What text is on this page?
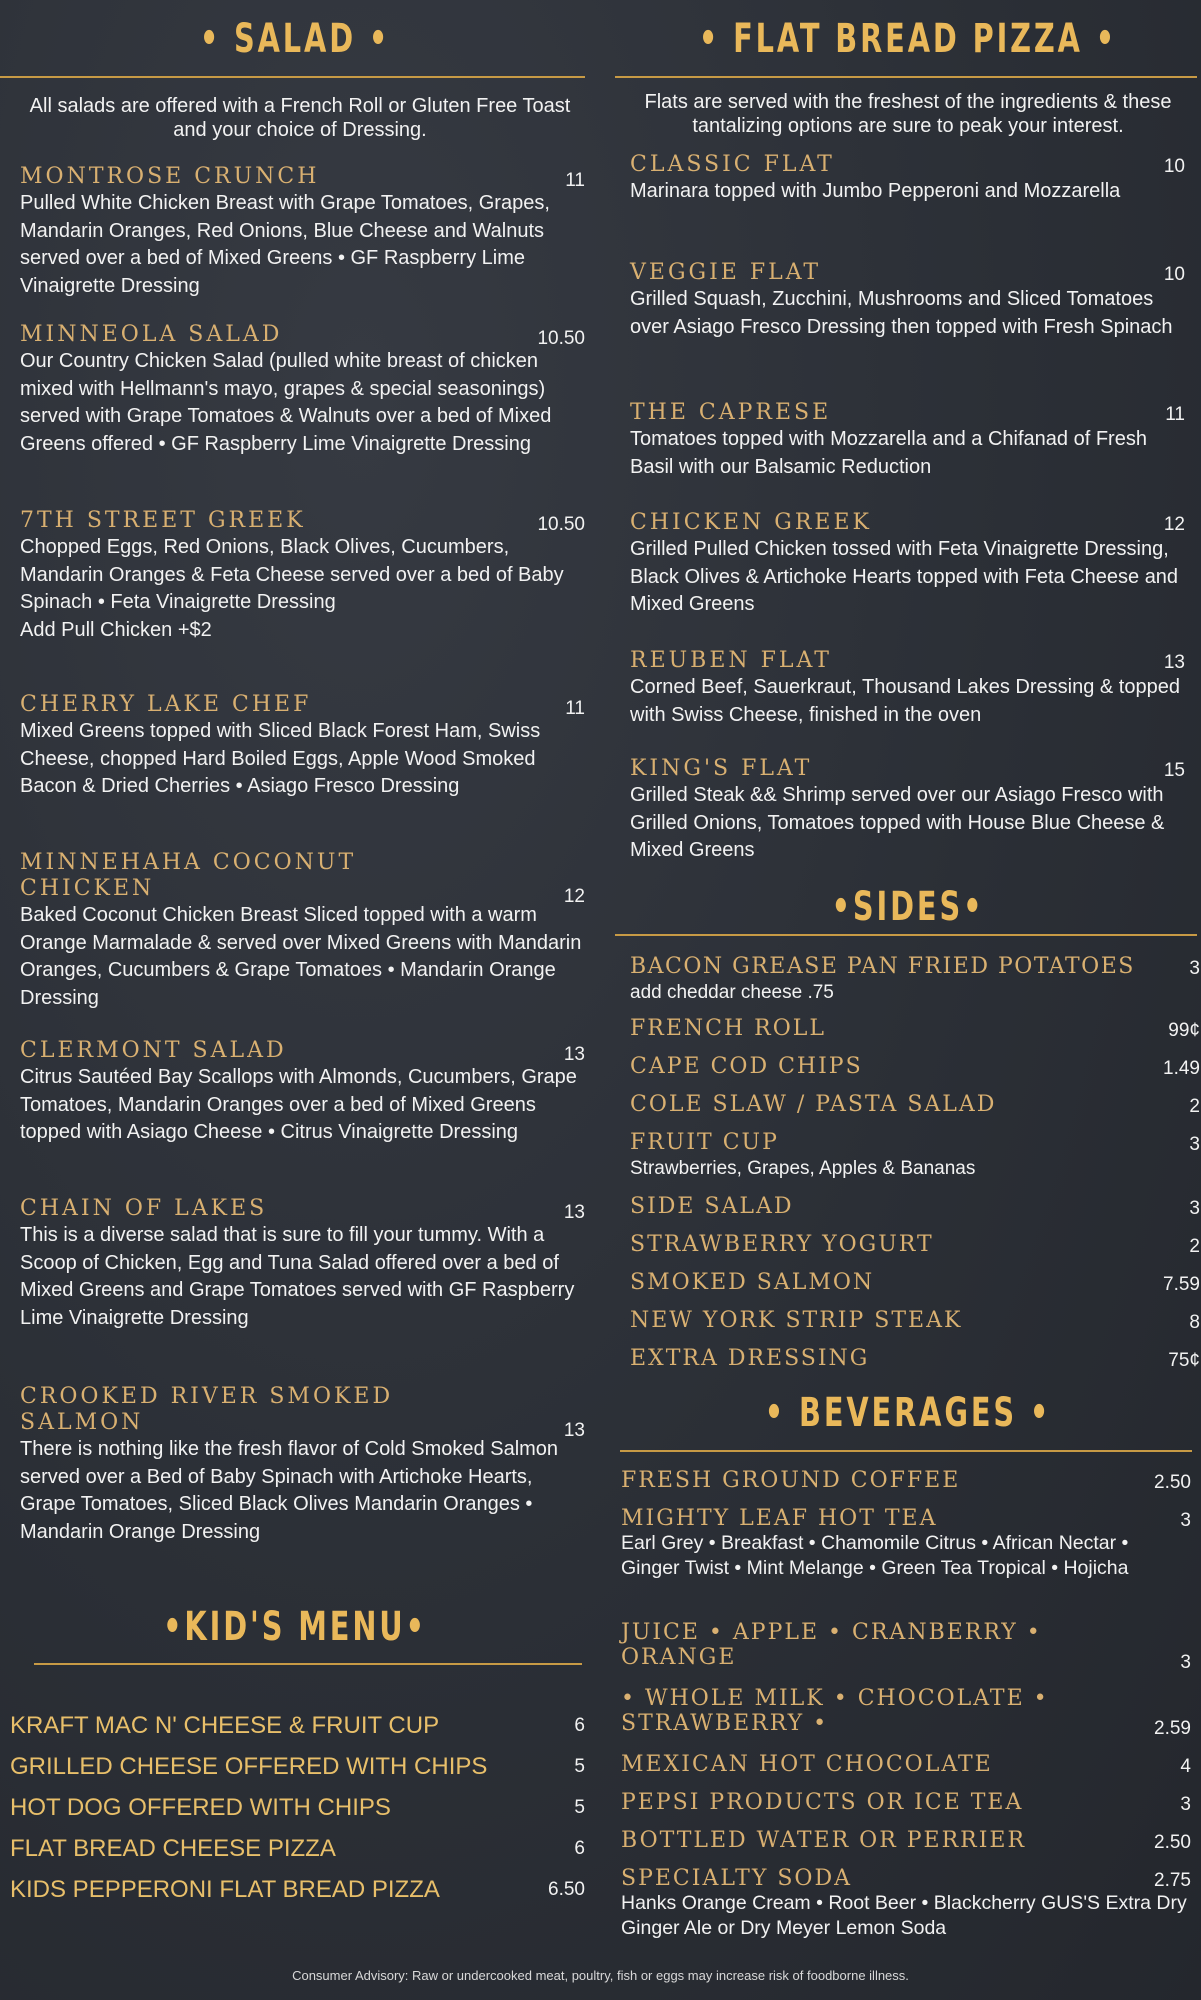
• SALAD •
All salads are offered with a French Roll or Gluten Free Toast and your choice of Dressing.
MONTROSE CRUNCH	11
Pulled White Chicken Breast with Grape Tomatoes, Grapes, Mandarin Oranges, Red Onions, Blue Cheese and Walnuts served over a bed of Mixed Greens • GF Raspberry Lime Vinaigrette Dressing
MINNEOLA SALAD	10.50
Our Country Chicken Salad (pulled white breast of chicken mixed with Hellmann's mayo, grapes & special seasonings) served with Grape Tomatoes & Walnuts over a bed of Mixed Greens offered • GF Raspberry Lime Vinaigrette Dressing
7TH STREET GREEK	10.50
Chopped Eggs, Red Onions, Black Olives, Cucumbers, Mandarin Oranges & Feta Cheese served over a bed of Baby Spinach • Feta Vinaigrette Dressing
Add Pull Chicken +$2
CHERRY LAKE CHEF	11
Mixed Greens topped with Sliced Black Forest Ham, Swiss Cheese, chopped Hard Boiled Eggs, Apple Wood Smoked Bacon & Dried Cherries • Asiago Fresco Dressing
MINNEHAHA COCONUT CHICKEN	12
Baked Coconut Chicken Breast Sliced topped with a warm Orange Marmalade & served over Mixed Greens with Mandarin Oranges, Cucumbers & Grape Tomatoes • Mandarin Orange Dressing
CLERMONT SALAD	13
Citrus Sautéed Bay Scallops with Almonds, Cucumbers, Grape Tomatoes, Mandarin Oranges over a bed of Mixed Greens topped with Asiago Cheese • Citrus Vinaigrette Dressing
CHAIN OF LAKES	13
This is a diverse salad that is sure to fill your tummy. With a Scoop of Chicken, Egg and Tuna Salad offered over a bed of Mixed Greens and Grape Tomatoes served with GF Raspberry Lime Vinaigrette Dressing
CROOKED RIVER SMOKED SALMON	13
There is nothing like the fresh flavor of Cold Smoked Salmon served over a Bed of Baby Spinach with Artichoke Hearts, Grape Tomatoes, Sliced Black Olives Mandarin Oranges • Mandarin Orange Dressing
•KID'S MENU•
KRAFT MAC N' CHEESE & FRUIT CUP	6
GRILLED CHEESE OFFERED WITH CHIPS	5
HOT DOG OFFERED WITH CHIPS	5
FLAT BREAD CHEESE PIZZA	6
KIDS PEPPERONI FLAT BREAD PIZZA	6.50
• FLAT BREAD PIZZA •
Flats are served with the freshest of the ingredients & these tantalizing options are sure to peak your interest.
CLASSIC FLAT	10
Marinara topped with Jumbo Pepperoni and Mozzarella
VEGGIE FLAT	10
Grilled Squash, Zucchini, Mushrooms and Sliced Tomatoes over Asiago Fresco Dressing then topped with Fresh Spinach
THE CAPRESE	11
Tomatoes topped with Mozzarella and a Chifanad of Fresh Basil with our Balsamic Reduction
CHICKEN GREEK	12
Grilled Pulled Chicken tossed with Feta Vinaigrette Dressing, Black Olives & Artichoke Hearts topped with Feta Cheese and Mixed Greens
REUBEN FLAT	13
Corned Beef, Sauerkraut, Thousand Lakes Dressing & topped with Swiss Cheese, finished in the oven
KING'S FLAT	15
Grilled Steak && Shrimp served over our Asiago Fresco with Grilled Onions, Tomatoes topped with House Blue Cheese & Mixed Greens
•SIDES•
BACON GREASE PAN FRIED POTATOES	3
add cheddar cheese .75
FRENCH ROLL	99¢
CAPE COD CHIPS	1.49
COLE SLAW / PASTA SALAD	2
FRUIT CUP	3
Strawberries, Grapes, Apples & Bananas
SIDE SALAD	3
STRAWBERRY YOGURT	2
SMOKED SALMON	7.59
NEW YORK STRIP STEAK	8
EXTRA DRESSING	75¢
• BEVERAGES •
FRESH GROUND COFFEE	2.50
MIGHTY LEAF HOT TEA	3
Earl Grey • Breakfast • Chamomile Citrus • African Nectar • Ginger Twist • Mint Melange • Green Tea Tropical • Hojicha
JUICE • APPLE • CRANBERRY • ORANGE	3
• WHOLE MILK • CHOCOLATE • STRAWBERRY •	2.59
MEXICAN HOT CHOCOLATE	4
PEPSI PRODUCTS OR ICE TEA	3
BOTTLED WATER OR PERRIER	2.50
SPECIALTY SODA	2.75
Hanks Orange Cream • Root Beer • Blackcherry GUS'S Extra Dry Ginger Ale or Dry Meyer Lemon Soda
Consumer Advisory: Raw or undercooked meat, poultry, fish or eggs may increase risk of foodborne illness.
